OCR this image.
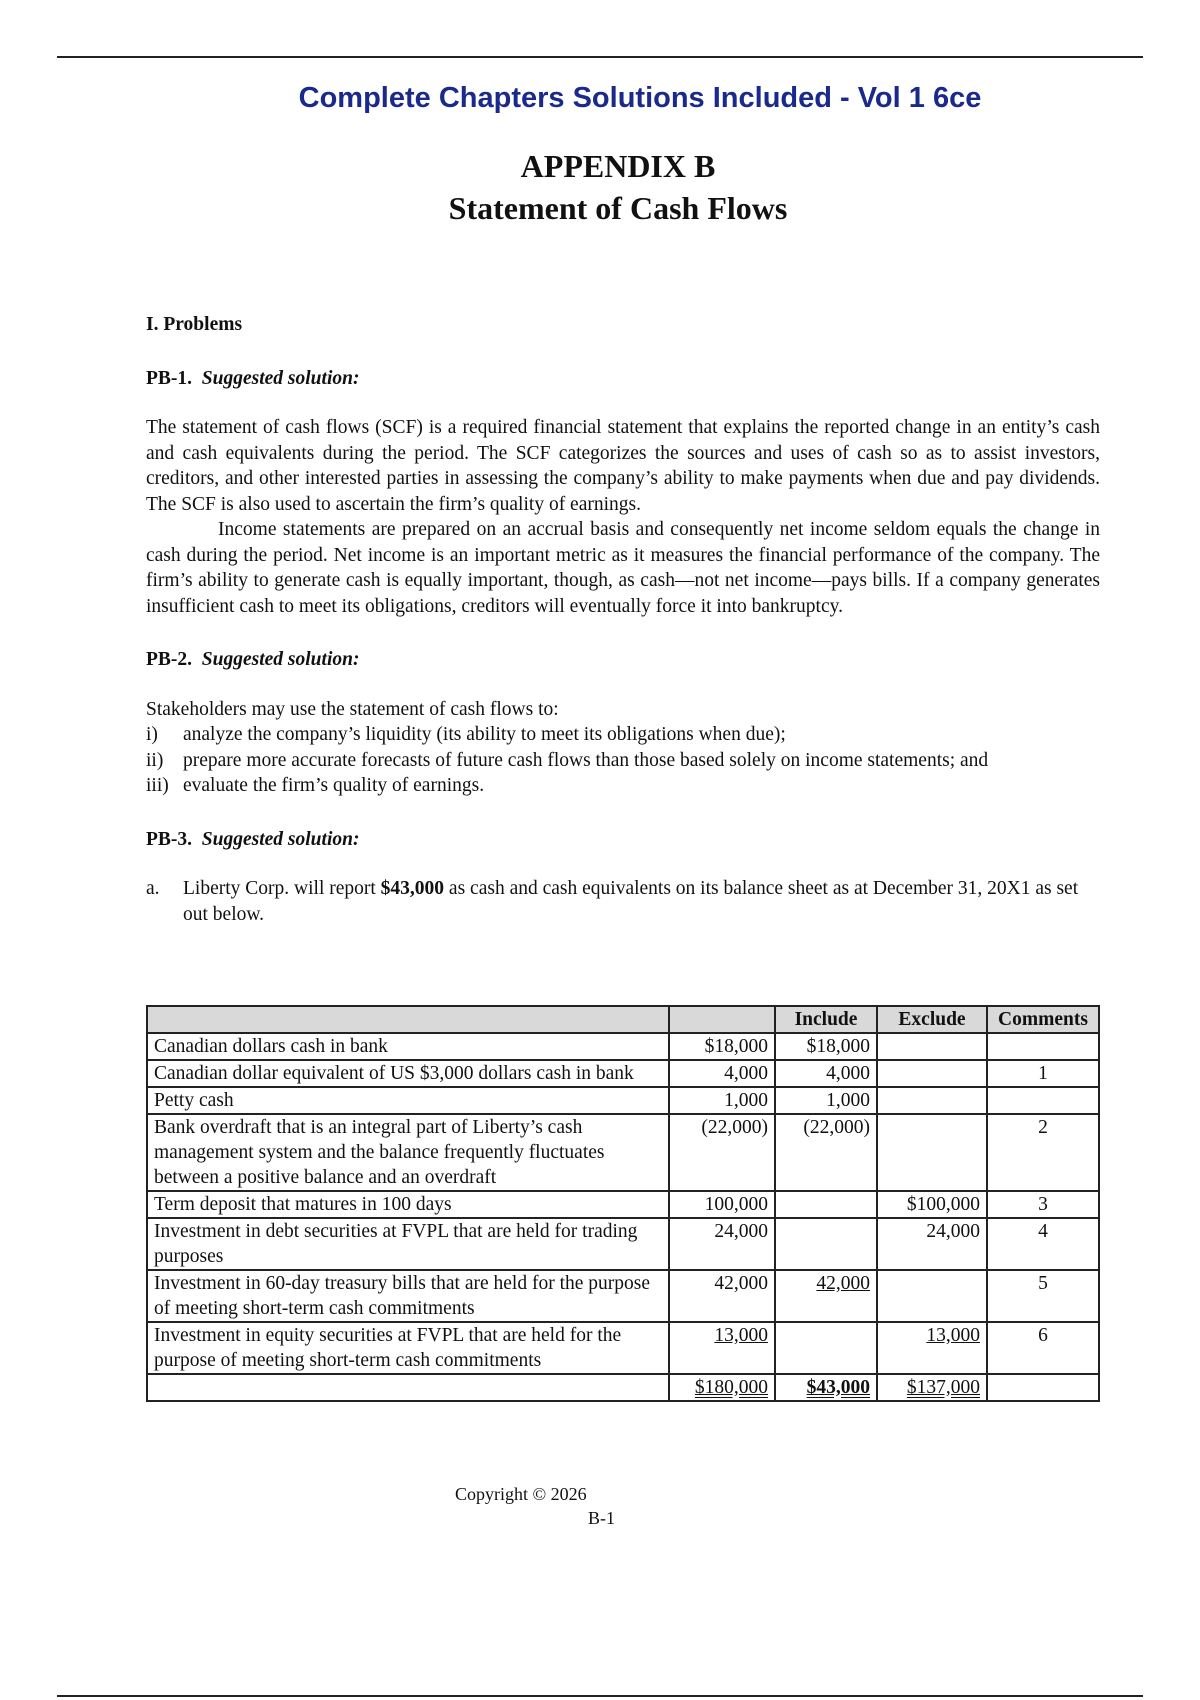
Complete Chapters Solutions Included - Vol 1 6ce
APPENDIX B
Statement of Cash Flows

I. Problems

PB-1. Suggested solution:

The statement of cash flows (SCF) is a required financial statement that explains the reported change in an entity’s cash and cash equivalents during the period. The SCF categorizes the sources and uses of cash so as to assist investors, creditors, and other interested parties in assessing the company’s ability to make payments when due and pay dividends. The SCF is also used to ascertain the firm’s quality of earnings.

Income statements are prepared on an accrual basis and consequently net income seldom equals the change in cash during the period. Net income is an important metric as it measures the financial performance of the company. The firm’s ability to generate cash is equally important, though, as cash—not net income—pays bills. If a company generates insufficient cash to meet its obligations, creditors will eventually force it into bankruptcy.

PB-2. Suggested solution:

Stakeholders may use the statement of cash flows to:

i)	analyze the company’s liquidity (its ability to meet its obligations when due);
ii)	prepare more accurate forecasts of future cash flows than those based solely on income statements; and
iii) evaluate the firm’s quality of earnings.

PB-3. Suggested solution:

a.	Liberty Corp. will report $43,000 as cash and cash equivalents on its balance sheet as at December 31, 20X1 as set out below.

		Include	Exclude	Comments
Canadian dollars cash in bank	$18,000	$18,000		
Canadian dollar equivalent of US $3,000 dollars cash in bank	4,000	4,000		1
Petty cash	1,000	1,000		
Bank overdraft that is an integral part of Liberty’s cash management system and the balance frequently fluctuates between a positive balance and an overdraft	(22,000)	(22,000)		2
Term deposit that matures in 100 days	100,000		$100,000	3
Investment in debt securities at FVPL that are held for trading purposes	24,000		24,000	4
Investment in 60-day treasury bills that are held for the purpose of meeting short-term cash commitments	42,000	42,000		5
Investment in equity securities at FVPL that are held for the purpose of meeting short-term cash commitments	13,000		13,000	6
	$180,000	$43,000	$137,000	
Copyright © 2026
B-1
